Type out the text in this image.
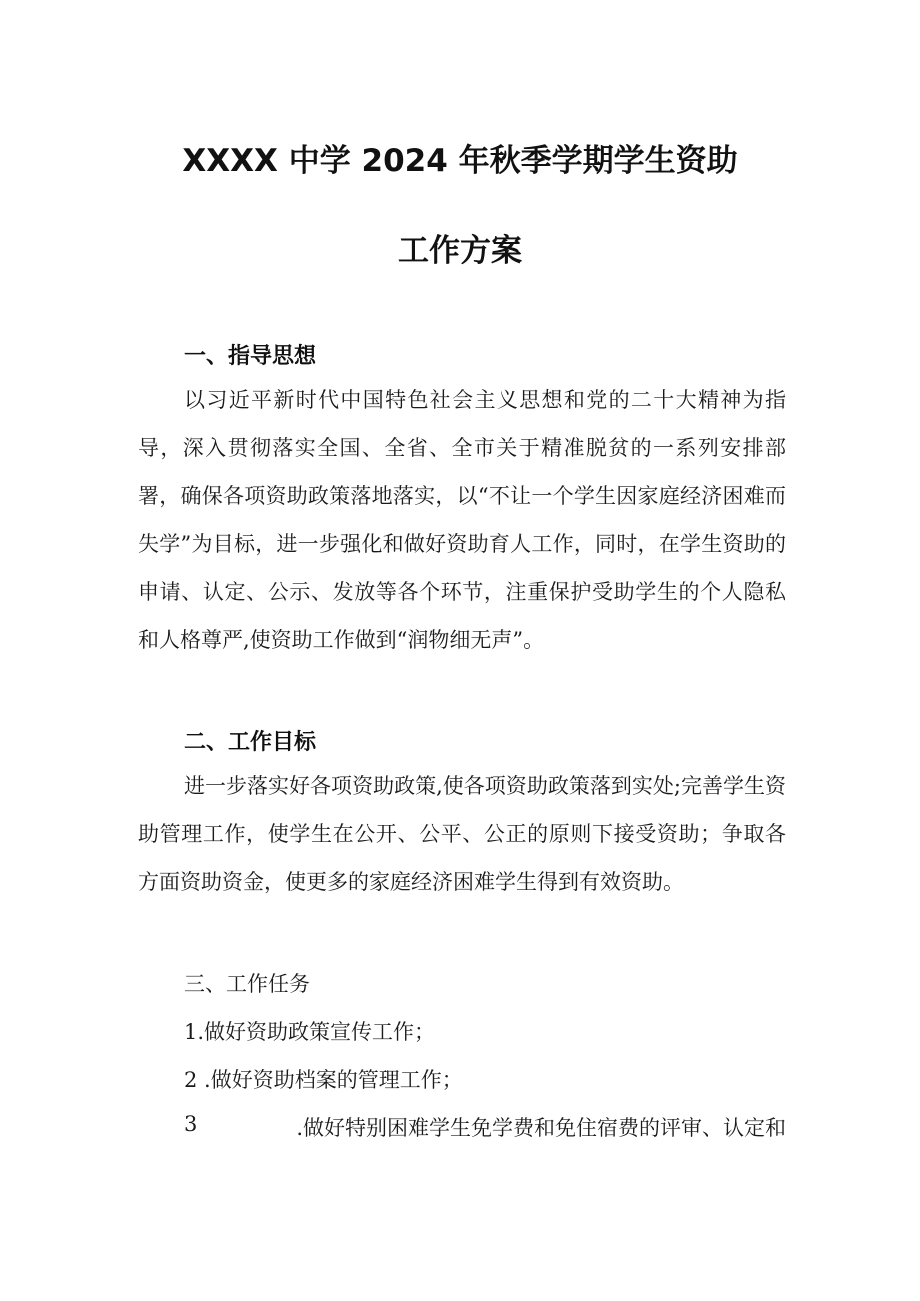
XXXX 中学 2024 年秋季学期学生资助
工作方案
一、指导思想

以习近平新时代中国特色社会主义思想和党的二十大精神为指导，深入贯彻落实全国、全省、全市关于精准脱贫的一系列安排部署，确保各项资助政策落地落实，以“不让一个学生因家庭经济困难而失学”为目标，进一步强化和做好资助育人工作，同时，在学生资助的申请、认定、公示、发放等各个环节，注重保护受助学生的个人隐私和人格尊严,使资助工作做到“润物细无声”。

二、工作目标

进一步落实好各项资助政策,使各项资助政策落到实处;完善学生资助管理工作，使学生在公开、公平、公正的原则下接受资助；争取各方面资助资金，使更多的家庭经济困难学生得到有效资助。

三、工作任务

1.做好资助政策宣传工作；

2 .做好资助档案的管理工作；

3	.做好特别困难学生免学费和免住宿费的评审、认定和
